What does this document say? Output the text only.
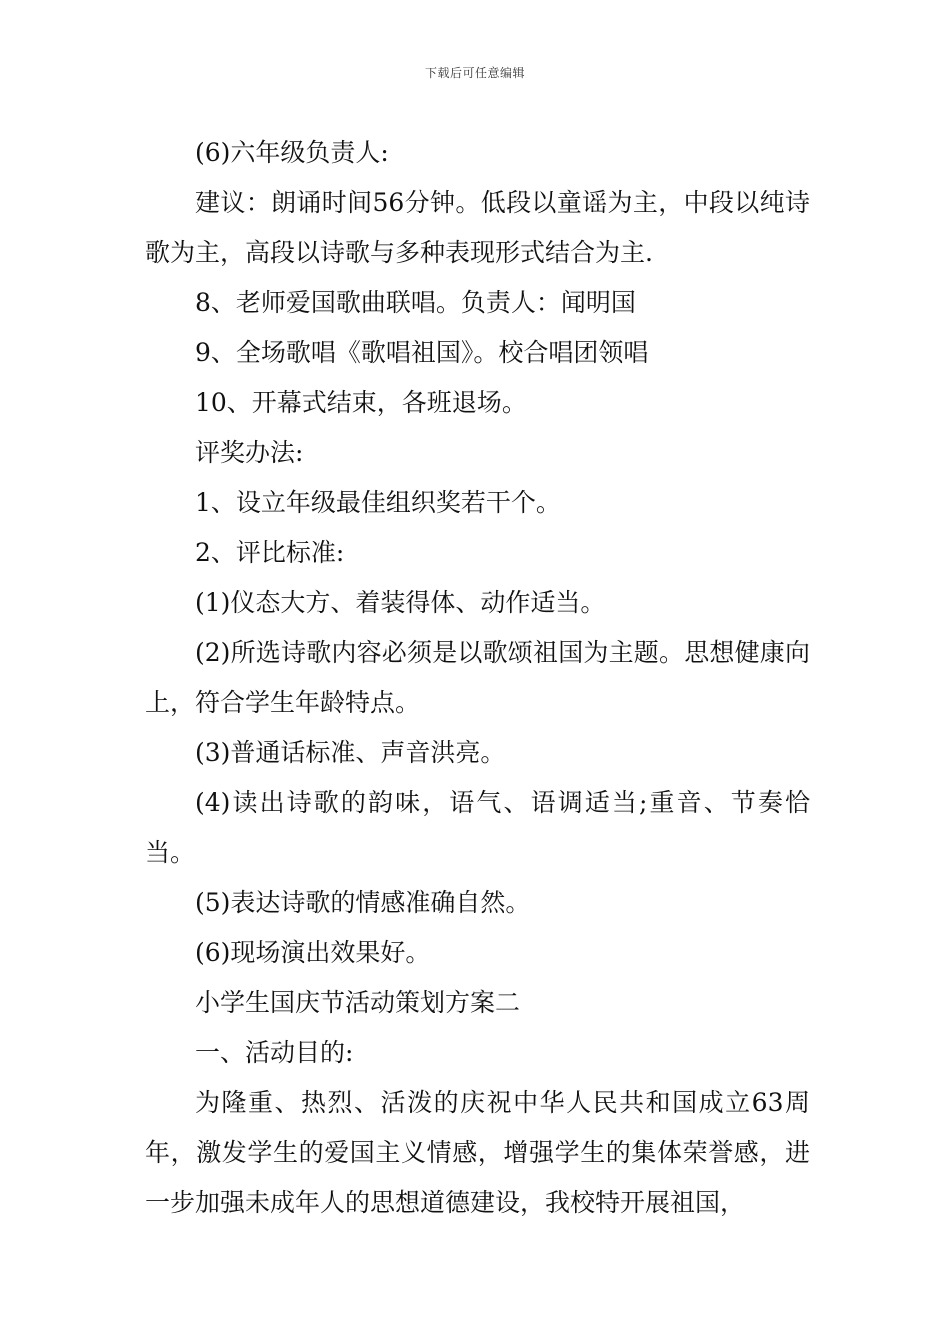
下载后可任意编辑

(6)六年级负责人:

建议：朗诵时间56分钟。低段以童谣为主，中段以纯诗歌为主，高段以诗歌与多种表现形式结合为主.

8、老师爱国歌曲联唱。负责人：闻明国

9、全场歌唱《歌唱祖国》。校合唱团领唱

10、开幕式结束，各班退场。

评奖办法:

1、设立年级最佳组织奖若干个。

2、评比标准:

(1)仪态大方、着装得体、动作适当。

(2)所选诗歌内容必须是以歌颂祖国为主题。思想健康向上，符合学生年龄特点。

(3)普通话标准、声音洪亮。

(4)读出诗歌的韵味，语气、语调适当;重音、节奏恰当。

(5)表达诗歌的情感准确自然。

(6)现场演出效果好。

小学生国庆节活动策划方案二

一、活动目的:

为隆重、热烈、活泼的庆祝中华人民共和国成立63周年，激发学生的爱国主义情感，增强学生的集体荣誉感，进一步加强未成年人的思想道德建设，我校特开展祖国，
